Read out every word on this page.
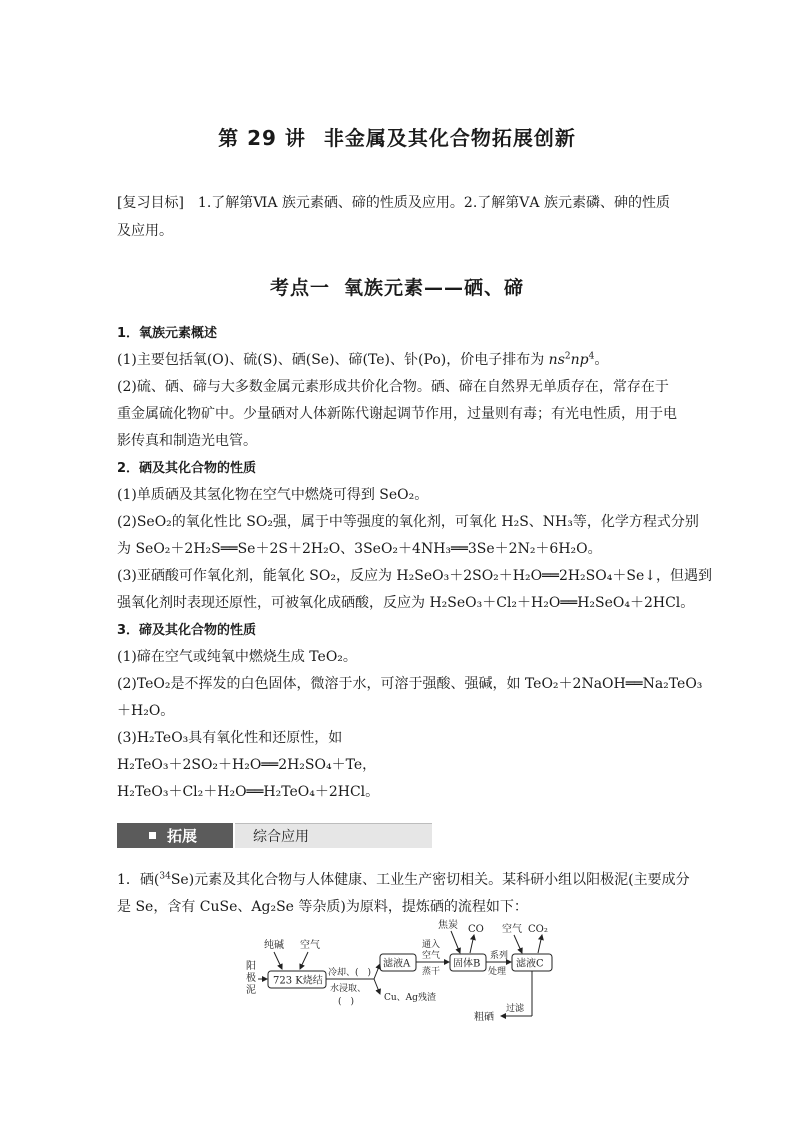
第 29 讲 非金属及其化合物拓展创新
[复习目标]　1.了解第ⅥA 族元素硒、碲的性质及应用。2.了解第ⅤA 族元素磷、砷的性质及应用。
考点一 氧族元素——硒、碲
1．氧族元素概述
(1)主要包括氧(O)、硫(S)、硒(Se)、碲(Te)、钋(Po)，价电子排布为 $ns^2np^4$。
(2)硫、硒、碲与大多数金属元素形成共价化合物。硒、碲在自然界无单质存在，常存在于重金属硫化物矿中。少量硒对人体新陈代谢起调节作用，过量则有毒；有光电性质，用于电影传真和制造光电管。
2．硒及其化合物的性质
(1)单质硒及其氢化物在空气中燃烧可得到 SeO₂。
(2)SeO₂的氧化性比 SO₂强，属于中等强度的氧化剂，可氧化 H₂S、NH₃等，化学方程式分别
为 SeO₂＋2H₂S══Se＋2S＋2H₂O、3SeO₂＋4NH₃══3Se＋2N₂＋6H₂O。
(3)亚硒酸可作氧化剂，能氧化 SO₂，反应为 H₂SeO₃＋2SO₂＋H₂O══2H₂SO₄＋Se↓，但遇到
强氧化剂时表现还原性，可被氧化成硒酸，反应为 H₂SeO₃＋Cl₂＋H₂O══H₂SeO₄＋2HCl。
3．碲及其化合物的性质
(1)碲在空气或纯氧中燃烧生成 TeO₂。
(2)TeO₂是不挥发的白色固体，微溶于水，可溶于强酸、强碱，如 TeO₂＋2NaOH══Na₂TeO₃
＋H₂O。
(3)H₂TeO₃具有氧化性和还原性，如
H₂TeO₃＋2SO₂＋H₂O══2H₂SO₄＋Te，
H₂TeO₃＋Cl₂＋H₂O══H₂TeO₄＋2HCl。
拓展	综合应用
1．硒($^{34}$Se)元素及其化合物与人体健康、工业生产密切相关。某科研小组以阳极泥(主要成分
是 Se，含有 CuSe、Ag₂Se 等杂质)为原料，提炼硒的流程如下：
阳
极
泥
纯碱 空气
723 K烧结
冷却、(　)
水浸取、
(　)	Cu、Ag残渣
滤液A
通入
空气
蒸干
固体B
焦炭 CO
系列
处理
空气 CO₂
滤液C
过滤
粗硒
